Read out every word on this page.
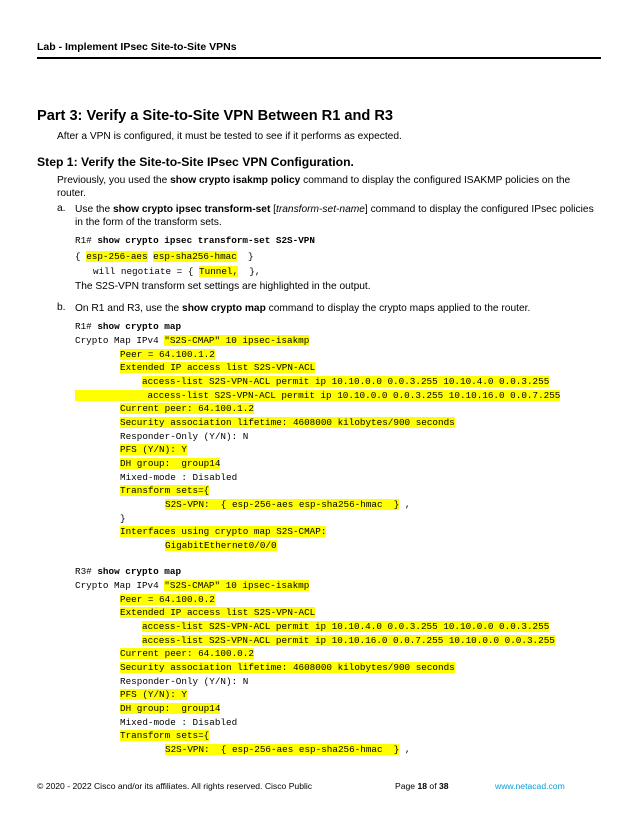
Lab - Implement IPsec Site-to-Site VPNs
Part 3: Verify a Site-to-Site VPN Between R1 and R3

After a VPN is configured, it must be tested to see if it performs as expected.

Step 1: Verify the Site-to-Site IPsec VPN Configuration.

Previously, you used the show crypto isakmp policy command to display the configured ISAKMP policies on the router.

a. Use the show crypto ipsec transform-set [transform-set-name] command to display the configured IPsec policies in the form of the transform sets.

R1# show crypto ipsec transform-set S2S-VPN
{ esp-256-aes esp-sha256-hmac }
will negotiate = { Tunnel, },

The S2S-VPN transform set settings are highlighted in the output.

b. On R1 and R3, use the show crypto map command to display the crypto maps applied to the router.

R1# show crypto map
Crypto Map IPv4 "S2S-CMAP" 10 ipsec-isakmp
Peer = 64.100.1.2
Extended IP access list S2S-VPN-ACL
access-list S2S-VPN-ACL permit ip 10.10.0.0 0.0.3.255 10.10.4.0 0.0.3.255
access-list S2S-VPN-ACL permit ip 10.10.0.0 0.0.3.255 10.10.16.0 0.0.7.255
Current peer: 64.100.1.2
Security association lifetime: 4608000 kilobytes/900 seconds
Responder-Only (Y/N): N
PFS (Y/N): Y
DH group:  group14
Mixed-mode : Disabled
Transform sets={
S2S-VPN:  { esp-256-aes esp-sha256-hmac  } ,
}
Interfaces using crypto map S2S-CMAP:
GigabitEthernet0/0/0
R3# show crypto map
Crypto Map IPv4 "S2S-CMAP" 10 ipsec-isakmp
Peer = 64.100.0.2
Extended IP access list S2S-VPN-ACL
access-list S2S-VPN-ACL permit ip 10.10.4.0 0.0.3.255 10.10.0.0 0.0.3.255
access-list S2S-VPN-ACL permit ip 10.10.16.0 0.0.7.255 10.10.0.0 0.0.3.255
Current peer: 64.100.0.2
Security association lifetime: 4608000 kilobytes/900 seconds
Responder-Only (Y/N): N
PFS (Y/N): Y
DH group:  group14
Mixed-mode : Disabled
Transform sets={
S2S-VPN:  { esp-256-aes esp-sha256-hmac  } ,
© 2020 - 2022 Cisco and/or its affiliates. All rights reserved. Cisco Public	Page 18 of 38	www.netacad.com
